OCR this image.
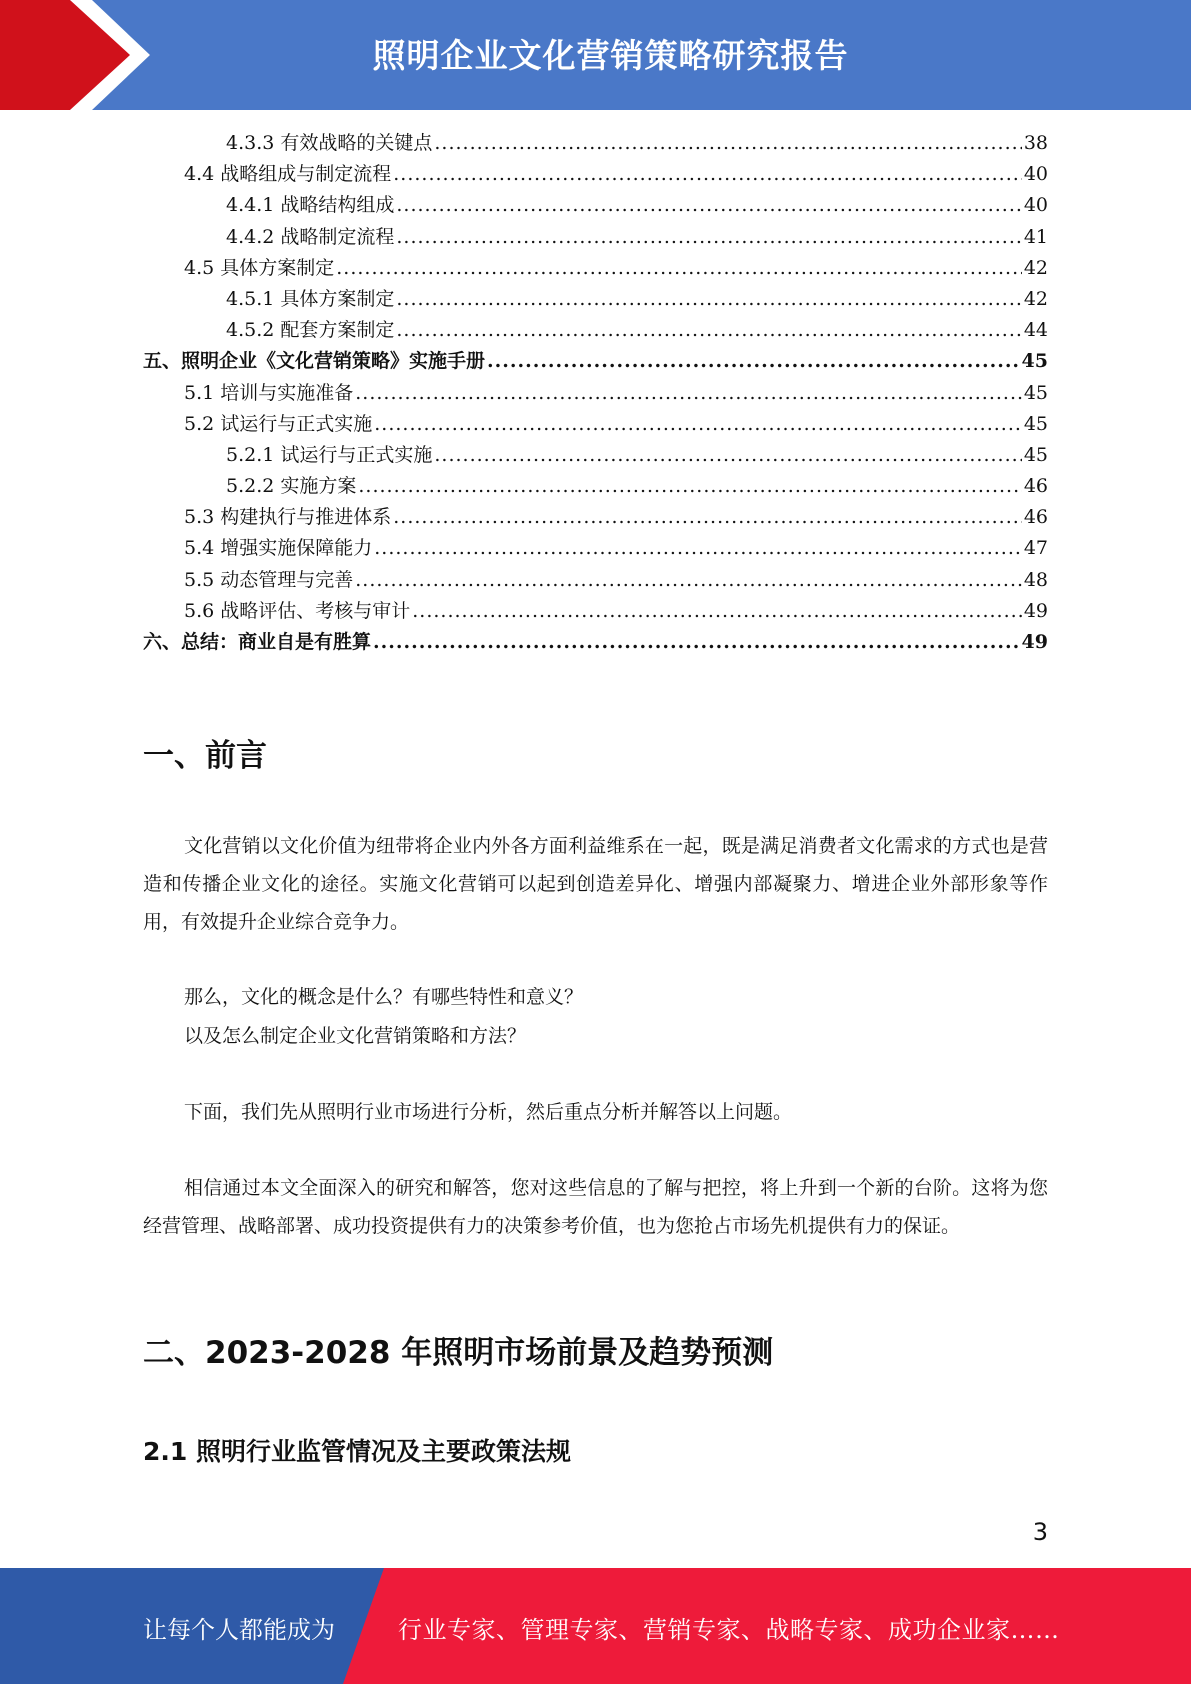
照明企业文化营销策略研究报告
4.3.3 有效战略的关键点 .....	38
4.4 战略组成与制定流程 .....	40
4.4.1 战略结构组成 .....	40
4.4.2 战略制定流程 .....	41
4.5 具体方案制定 .....	42
4.5.1 具体方案制定 .....	42
4.5.2 配套方案制定 .....	44
五、照明企业《文化营销策略》实施手册 .....	45
5.1 培训与实施准备 .....	45
5.2 试运行与正式实施 .....	45
5.2.1 试运行与正式实施 .....	45
5.2.2 实施方案 .....	46
5.3 构建执行与推进体系 .....	46
5.4 增强实施保障能力 .....	47
5.5 动态管理与完善 .....	48
5.6 战略评估、考核与审计 .....	49
六、总结：商业自是有胜算 .....	49
一、前言
文化营销以文化价值为纽带将企业内外各方面利益维系在一起，既是满足消费者文化需求的方式也是营造和传播企业文化的途径。实施文化营销可以起到创造差异化、增强内部凝聚力、增进企业外部形象等作用，有效提升企业综合竞争力。
那么，文化的概念是什么？有哪些特性和意义？
以及怎么制定企业文化营销策略和方法？
下面，我们先从照明行业市场进行分析，然后重点分析并解答以上问题。
相信通过本文全面深入的研究和解答，您对这些信息的了解与把控，将上升到一个新的台阶。这将为您经营管理、战略部署、成功投资提供有力的决策参考价值，也为您抢占市场先机提供有力的保证。
二、2023-2028 年照明市场前景及趋势预测
2.1 照明行业监管情况及主要政策法规
3
让每个人都能成为	行业专家、管理专家、营销专家、战略专家、成功企业家……
